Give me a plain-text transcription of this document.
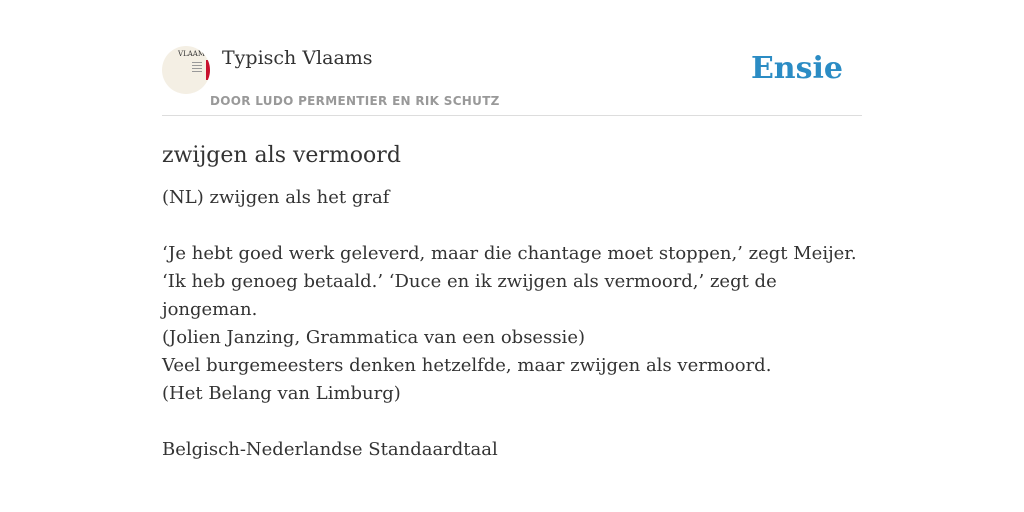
VLAAMS Typisch Vlaams
DOOR LUDO PERMENTIER EN RIK SCHUTZ
Ensie
zwijgen als vermoord

(NL) zwijgen als het graf

‘Je hebt goed werk geleverd, maar die chantage moet stoppen,’ zegt Meijer. ‘Ik heb genoeg betaald.’ ‘Duce en ik zwijgen als vermoord,’ zegt de jongeman.

(Jolien Janzing, Grammatica van een obsessie)

Veel burgemeesters denken hetzelfde, maar zwijgen als vermoord.

(Het Belang van Limburg)

Belgisch-Nederlandse Standaardtaal
